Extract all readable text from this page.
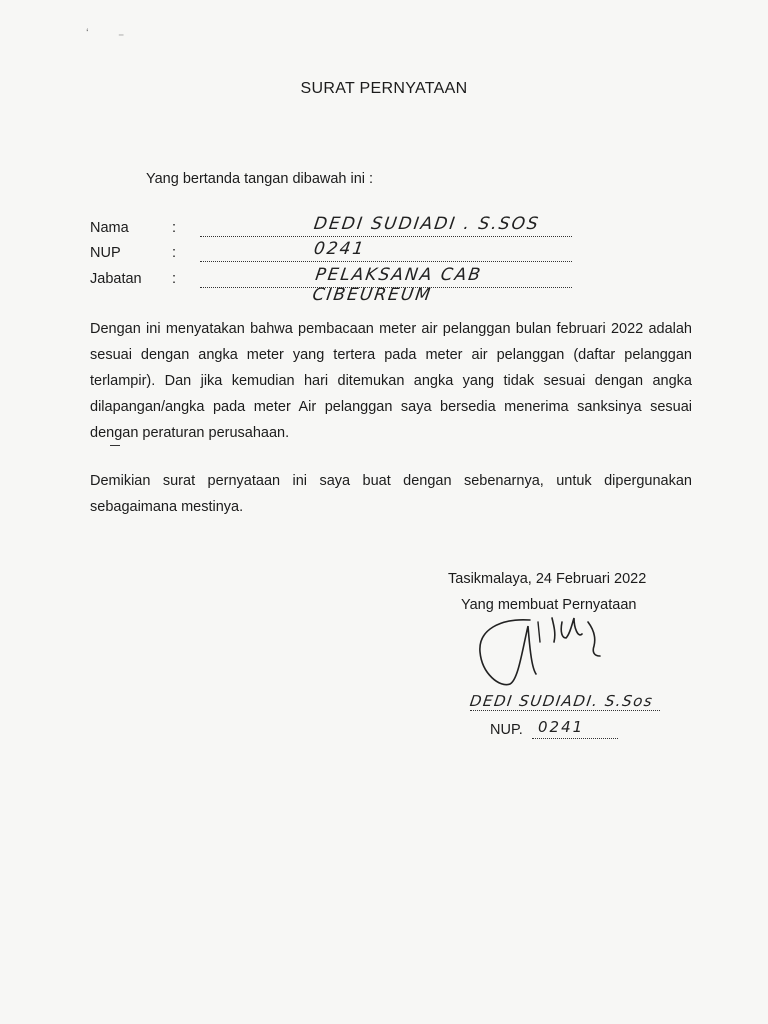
‘ ⁻
SURAT PERNYATAAN
Yang bertanda tangan dibawah ini :
Nama	:	DEDI SUDIADI . S.SOS
NUP	:	0241
Jabatan :	PELAKSANA CAB CIBEUREUM

Dengan ini menyatakan bahwa pembacaan meter air pelanggan bulan februari 2022 adalah sesuai dengan angka meter yang tertera pada meter air pelanggan (daftar pelanggan terlampir). Dan jika kemudian hari ditemukan angka yang tidak sesuai dengan angka dilapangan/angka pada meter Air pelanggan saya bersedia menerima sanksinya sesuai dengan peraturan perusahaan.

Demikian surat pernyataan ini saya buat dengan sebenarnya, untuk dipergunakan sebagaimana mestinya.

Tasikmalaya, 24 Februari 2022
Yang membuat Pernyataan
DEDI SUDIADI. S.Sos
NUP. 0241
